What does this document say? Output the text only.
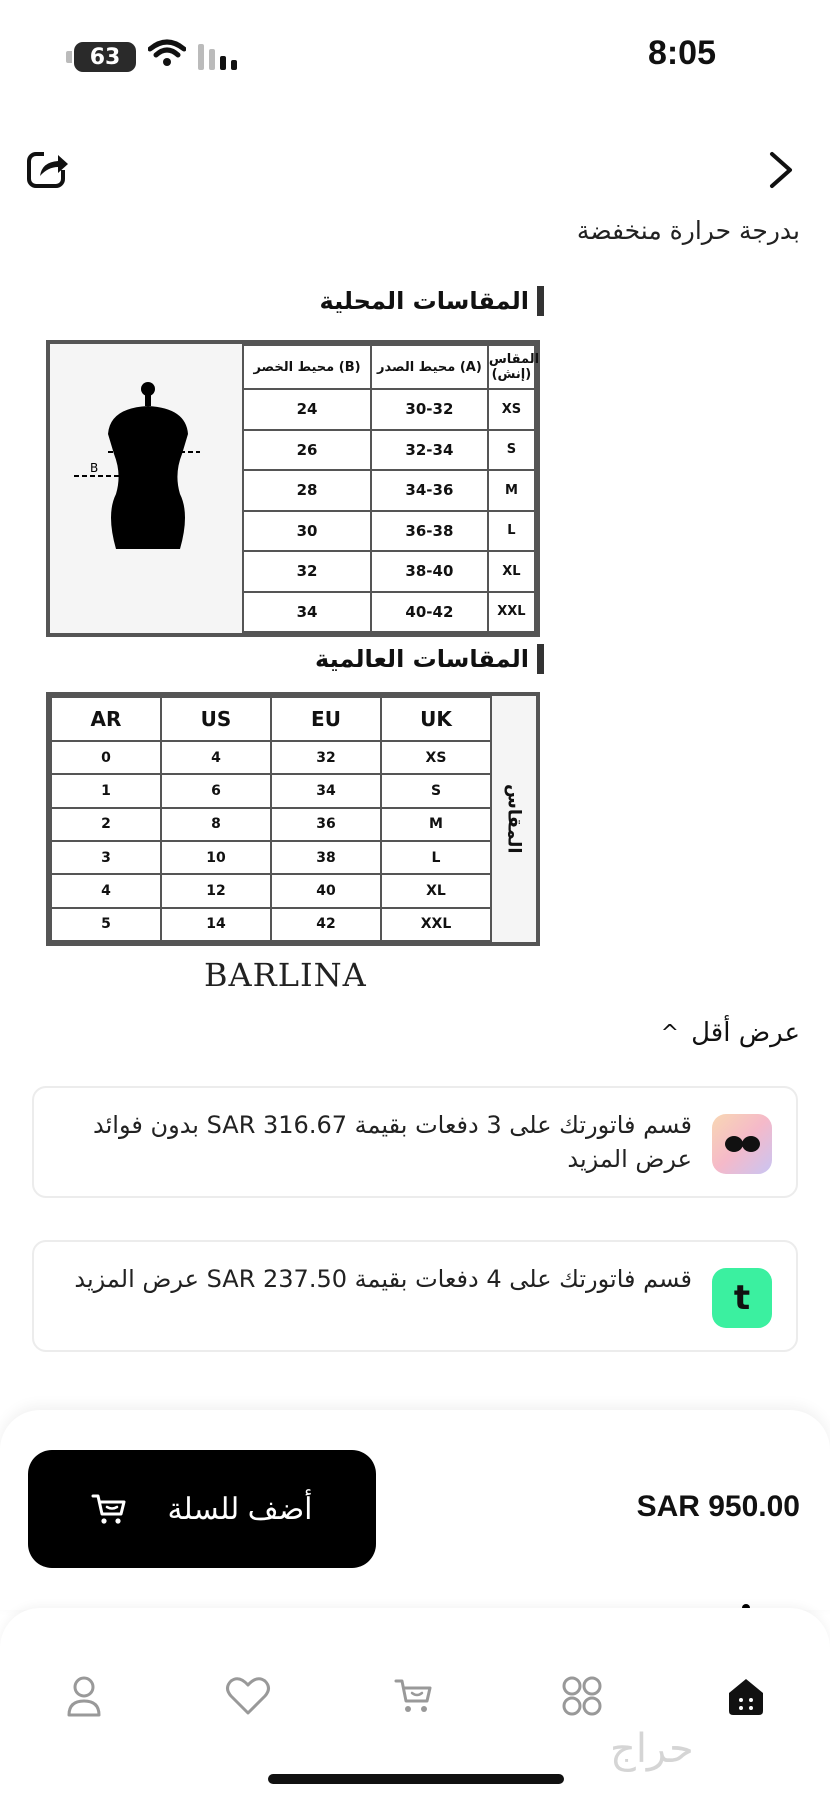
63	8:05
بدرجة حرارة منخفضة
المقاسات المحلية
A
B
محيط الخصر (B)	محيط الصدر (A)	المقاس (إنش)
24	30-32	XS
26	32-34	S
28	34-36	M
30	36-38	L
32	38-40	XL
34	40-42	XXL
المقاسات العالمية
AR	US	EU	UK
0	4	32	XS
1	6	34	S
2	8	36	M
3	10	38	L
4	12	40	XL
5	14	42	XXL
المقاس
BARLINA
عرض أقل
^
قسم فاتورتك على 3 دفعات بقيمة SAR 316.67 بدون فوائد عرض المزيد
t
قسم فاتورتك على 4 دفعات بقيمة SAR 237.50 عرض المزيد
أضف للسلة	SAR 950.00
حراج
